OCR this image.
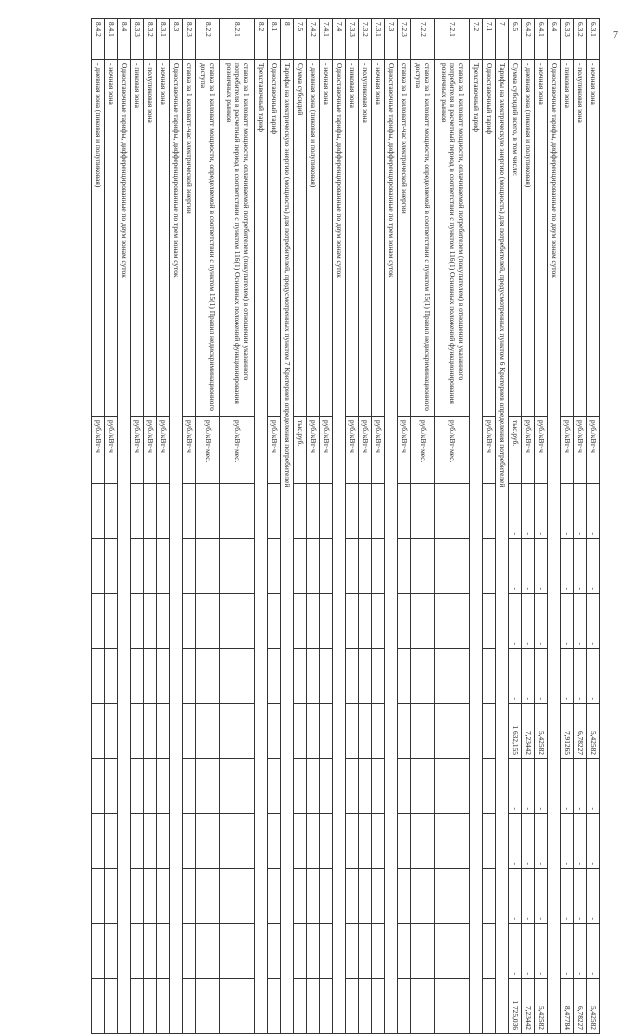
7
6.3.1	- ночная зона	руб./кВт·ч	-	-	-	-	5,42582	-	-	-	-	5,42582
6.3.2	- полупиковая зона	руб./кВт·ч	-	-	-	-	6,78227	-	-	-	-	6,78227
6.3.3	- пиковая зона	руб./кВт·ч	-	-	-	-	7,91265	-	-	-	-	8,47784
6.4	Одноставочные тарифы, дифференцированные по двум зонам суток											
6.4.1	- ночная зона	руб./кВт·ч	-	-	-	-	5,42582	-	-	-	-	5,42582
6.4.2	- дневная зона (пиковая и полупиковая)	руб./кВт·ч	-	-	-	-	7,23442	-	-	-	-	7,23442
6.5	Сумма субсидий всего, в том числе:	тыс.руб.	-	-	-	-	1 632,155	-	-	-	-	1 725,036
7	Тарифы на электрическую энергию (мощность) для потребителей, предусмотренных пунктом 6 Критериев определения потребителей											
7.1	Одноставочный тариф	руб./кВт·ч										
7.2	Трехставочный тариф											
7.2.1	ставка за 1 киловатт мощности, оплачиваемой потребителем (покупателем) в отношении указанного потребителя в расчетный период в соответствии с пунктом 116(1) Основных положений функционирования розничных рынков	руб./кВт·мес.										
7.2.2	ставка за 1 киловатт мощности, определяемой в соответствии с пунктом 15(1) Правил недискриминационного доступа	руб./кВт·мес.										
7.2.3	ставка за 1 киловатт-час электрической энергии	руб./кВт·ч										
7.3	Одноставочные тарифы, дифференцированные по трем зонам суток											
7.3.1	- ночная зона	руб./кВт·ч										
7.3.2	- полупиковая зона	руб./кВт·ч										
7.3.3	- пиковая зона	руб./кВт·ч										
7.4	Одноставочные тарифы, дифференцированные по двум зонам суток											
7.4.1	- ночная зона	руб./кВт·ч										
7.4.2	- дневная зона (пиковая и полупиковая)	руб./кВт·ч										
7.5	Сумма субсидий	тыс.руб.										
8	Тарифы на электрическую энергию (мощность) для потребителей, предусмотренных пунктом 7 Критериев определения потребителей											
8.1	Одноставочный тариф	руб./кВт·ч										
8.2	Трехставочный тариф											
8.2.1	ставка за 1 киловатт мощности, оплачиваемой потребителем (покупателем) в отношении указанного потребителя в расчетный период в соответствии с пунктом 116(1) Основных положений функционирования розничных рынков	руб./кВт·мес.										
8.2.2	ставка за 1 киловатт мощности, определяемой в соответствии с пунктом 15(1) Правил недискриминационного доступа	руб./кВт·мес.										
8.2.3	ставка за 1 киловатт-час электрической энергии	руб./кВт·ч										
8.3	Одноставочные тарифы, дифференцированные по трем зонам суток											
8.3.1	- ночная зона	руб./кВт·ч										
8.3.2	- полупиковая зона	руб./кВт·ч										
8.3.3	- пиковая зона	руб./кВт·ч										
8.4	Одноставочные тарифы, дифференцированные по двум зонам суток											
8.4.1	- ночная зона	руб./кВт·ч										
8.4.2	- дневная зона (пиковая и полупиковая)	руб./кВт·ч										
